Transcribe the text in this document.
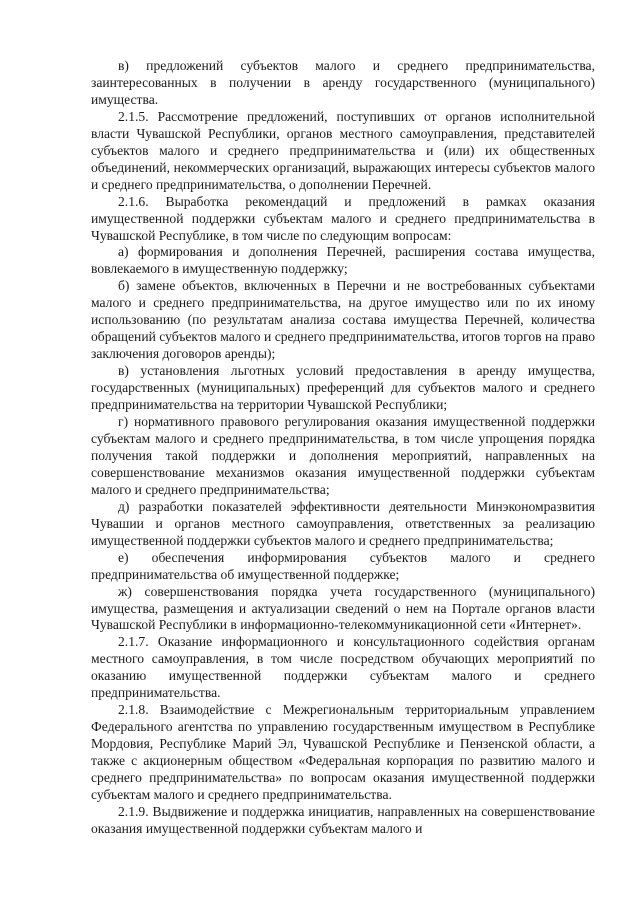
в) предложений субъектов малого и среднего предпринимательства, заинтересованных в получении в аренду государственного (муниципального) имущества.

2.1.5. Рассмотрение предложений, поступивших от органов исполнительной власти Чувашской Республики, органов местного самоуправления, представителей субъектов малого и среднего предпринимательства и (или) их общественных объединений, некоммерческих организаций, выражающих интересы субъектов малого и среднего предпринимательства, о дополнении Перечней.

2.1.6. Выработка рекомендаций и предложений в рамках оказания имущественной поддержки субъектам малого и среднего предпринимательства в Чувашской Республике, в том числе по следующим вопросам:

а) формирования и дополнения Перечней, расширения состава имущества, вовлекаемого в имущественную поддержку;

б) замене объектов, включенных в Перечни и не востребованных субъектами малого и среднего предпринимательства, на другое имущество или по их иному использованию (по результатам анализа состава имущества Перечней, количества обращений субъектов малого и среднего предпринимательства, итогов торгов на право заключения договоров аренды);

в) установления льготных условий предоставления в аренду имущества, государственных (муниципальных) преференций для субъектов малого и среднего предпринимательства на территории Чувашской Республики;

г) нормативного правового регулирования оказания имущественной поддержки субъектам малого и среднего предпринимательства, в том числе упрощения порядка получения такой поддержки и дополнения мероприятий, направленных на совершенствование механизмов оказания имущественной поддержки субъектам малого и среднего предпринимательства;

д) разработки показателей эффективности деятельности Минэкономразвития Чувашии и органов местного самоуправления, ответственных за реализацию имущественной поддержки субъектов малого и среднего предпринимательства;

е) обеспечения информирования субъектов малого и среднего предпринимательства об имущественной поддержке;

ж) совершенствования порядка учета государственного (муниципального) имущества, размещения и актуализации сведений о нем на Портале органов власти Чувашской Республики в информационно-телекоммуникационной сети «Интернет».

2.1.7. Оказание информационного и консультационного содействия органам местного самоуправления, в том числе посредством обучающих мероприятий по оказанию имущественной поддержки субъектам малого и среднего предпринимательства.

2.1.8. Взаимодействие с Межрегиональным территориальным управлением Федерального агентства по управлению государственным имуществом в Республике Мордовия, Республике Марий Эл, Чувашской Республике и Пензенской области, а также с акционерным обществом «Федеральная корпорация по развитию малого и среднего предпринимательства» по вопросам оказания имущественной поддержки субъектам малого и среднего предпринимательства.

2.1.9. Выдвижение и поддержка инициатив, направленных на совершенствование оказания имущественной поддержки субъектам малого и
